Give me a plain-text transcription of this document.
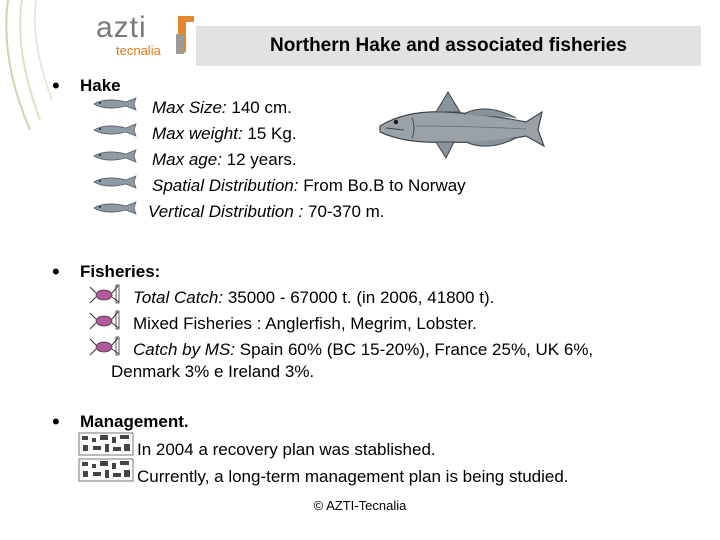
azti
tecnalia	Northern Hake and associated fisheries
• Hake
Max Size: 140 cm.
Max weight: 15 Kg.
Max age: 12 years.
Spatial Distribution: From Bo.B to Norway
Vertical Distribution : 70-370 m.
• Fisheries:
Total Catch: 35000 - 67000 t. (in 2006, 41800 t).
Mixed Fisheries : Anglerfish, Megrim, Lobster.
Catch by MS: Spain 60% (BC 15-20%), France 25%, UK 6%,
Denmark 3% e Ireland 3%.
• Management.
In 2004 a recovery plan was stablished.
Currently, a long-term management plan is being studied.
© AZTI-Tecnalia
